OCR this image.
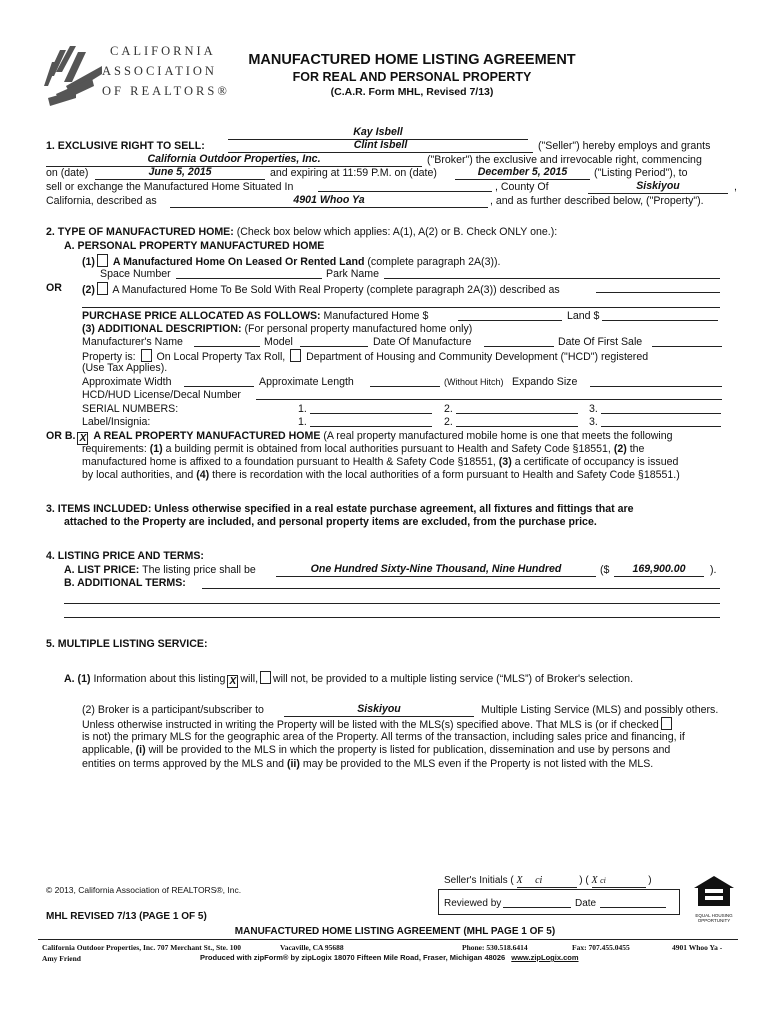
CALIFORNIA
ASSOCIATION
OF REALTORS®
MANUFACTURED HOME LISTING AGREEMENT
FOR REAL AND PERSONAL PROPERTY
(C.A.R. Form MHL, Revised 7/13)
Kay Isbell
1. EXCLUSIVE RIGHT TO SELL:	Clint Isbell	("Seller") hereby employs and grants
California Outdoor Properties, Inc.	("Broker") the exclusive and irrevocable right, commencing
on (date)	June 5, 2015	and expiring at 11:59 P.M. on (date)	December 5, 2015	("Listing Period"), to
sell or exchange the Manufactured Home Situated In	, County Of	Siskiyou	,
California, described as	4901 Whoo Ya	, and as further described below, ("Property").
2. TYPE OF MANUFACTURED HOME: (Check box below which applies: A(1), A(2) or B. Check ONLY one.):
A. PERSONAL PROPERTY MANUFACTURED HOME
(1) A Manufactured Home On Leased Or Rented Land (complete paragraph 2A(3)).
Space Number	Park Name
OR (2) A Manufactured Home To Be Sold With Real Property (complete paragraph 2A(3)) described as
PURCHASE PRICE ALLOCATED AS FOLLOWS: Manufactured Home $	Land $
(3) ADDITIONAL DESCRIPTION: (For personal property manufactured home only)
Manufacturer's Name	Model	Date Of Manufacture	Date Of First Sale
Property is: On Local Property Tax Roll, Department of Housing and Community Development ("HCD") registered
(Use Tax Applies).
Approximate Width	Approximate Length	(Without Hitch) Expando Size
HCD/HUD License/Decal Number
SERIAL NUMBERS:	1.	2.	3.
Label/Insignia:	1.	2.	3.
OR B. X A REAL PROPERTY MANUFACTURED HOME (A real property manufactured mobile home is one that meets the following
requirements: (1) a building permit is obtained from local authorities pursuant to Health and Safety Code §18551, (2) the
manufactured home is affixed to a foundation pursuant to Health & Safety Code §18551, (3) a certificate of occupancy is issued
by local authorities, and (4) there is recordation with the local authorities of a form pursuant to Health and Safety Code §18551.)
3. ITEMS INCLUDED: Unless otherwise specified in a real estate purchase agreement, all fixtures and fittings that are
attached to the Property are included, and personal property items are excluded, from the purchase price.
4. LISTING PRICE AND TERMS:
A. LIST PRICE: The listing price shall be	One Hundred Sixty-Nine Thousand, Nine Hundred	($	169,900.00	).
B. ADDITIONAL TERMS:
5. MULTIPLE LISTING SERVICE:
A. (1) Information about this listing X will, will not, be provided to a multiple listing service (“MLS”) of Broker's selection.
(2) Broker is a participant/subscriber to	Siskiyou	Multiple Listing Service (MLS) and possibly others.
Unless otherwise instructed in writing the Property will be listed with the MLS(s) specified above. That MLS is (or if checked
is not) the primary MLS for the geographic area of the Property. All terms of the transaction, including sales price and financing, if
applicable, (i) will be provided to the MLS in which the property is listed for publication, dissemination and use by persons and
entities on terms approved by the MLS and (ii) may be provided to the MLS even if the Property is not listed with the MLS.
Seller's Initials ( X ci	) ( X ci	)
© 2013, California Association of REALTORS®, Inc.
Reviewed by	Date
EQUAL HOUSING OPPORTUNITY
MHL REVISED 7/13 (PAGE 1 OF 5)
MANUFACTURED HOME LISTING AGREEMENT (MHL PAGE 1 OF 5)
California Outdoor Properties, Inc. 707 Merchant St., Ste. 100	Vacaville, CA 95688	Phone: 530.518.6414	Fax: 707.455.0455	4901 Whoo Ya -
Amy Friend	Produced with zipForm® by zipLogix 18070 Fifteen Mile Road, Fraser, Michigan 48026 www.zipLogix.com
